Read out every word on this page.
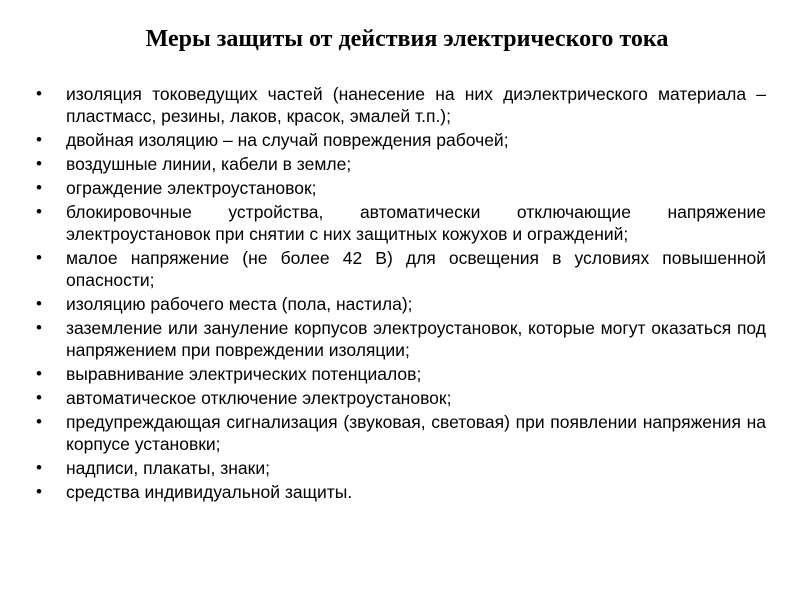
Меры защиты от действия электрического тока
•	изоляция токоведущих частей (нанесение на них диэлектрического материала – пластмасс, резины, лаков, красок, эмалей т.п.);
•	двойная изоляцию – на случай повреждения рабочей;
•	воздушные линии, кабели в земле;
•	ограждение электроустановок;
•	блокировочные устройства, автоматически отключающие напряжение электроустановок при снятии с них защитных кожухов и ограждений;
•	малое напряжение (не более 42 В) для освещения в условиях повышенной опасности;
•	изоляцию рабочего места (пола, настила);
•	заземление или зануление корпусов электроустановок, которые могут оказаться под напряжением при повреждении изоляции;
•	выравнивание электрических потенциалов;
•	автоматическое отключение электроустановок;
•	предупреждающая сигнализация (звуковая, световая) при появлении напряжения на корпусе установки;
•	надписи, плакаты, знаки;
•	средства индивидуальной защиты.
